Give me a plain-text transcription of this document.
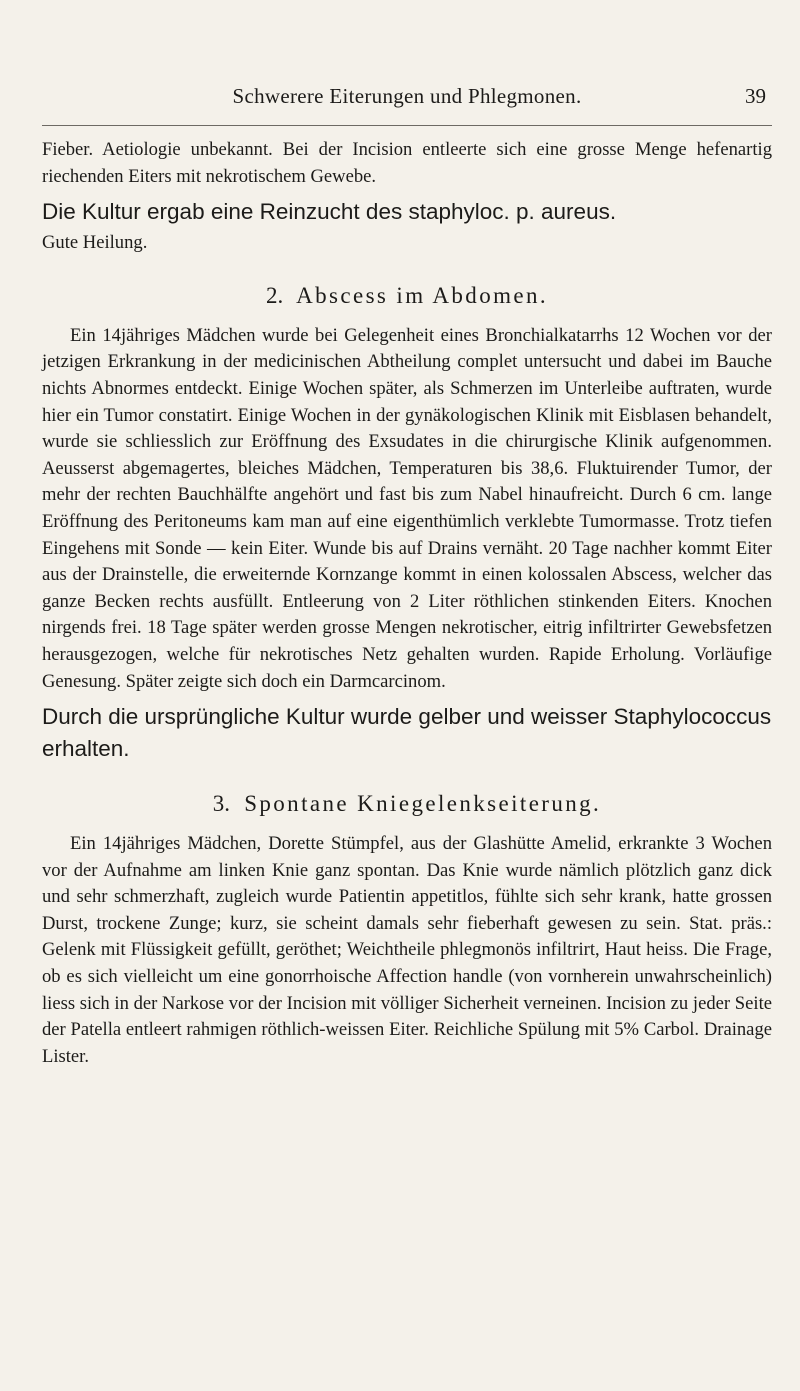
Schwerere Eiterungen und Phlegmonen.	39

Fieber. Aetiologie unbekannt. Bei der Incision entleerte sich eine grosse Menge hefenartig riechenden Eiters mit nekrotischem Gewebe.

Die Kultur ergab eine Reinzucht des staphyloc. p. aureus.

Gute Heilung.

2. Abscess im Abdomen.

Ein 14jähriges Mädchen wurde bei Gelegenheit eines Bronchialkatarrhs 12 Wochen vor der jetzigen Erkrankung in der medicinischen Abtheilung complet untersucht und dabei im Bauche nichts Abnormes entdeckt. Einige Wochen später, als Schmerzen im Unterleibe auftraten, wurde hier ein Tumor constatirt. Einige Wochen in der gynäkologischen Klinik mit Eisblasen behandelt, wurde sie schliesslich zur Eröffnung des Exsudates in die chirurgische Klinik aufgenommen. Aeusserst abgemagertes, bleiches Mädchen, Temperaturen bis 38,6. Fluktuirender Tumor, der mehr der rechten Bauchhälfte angehört und fast bis zum Nabel hinaufreicht. Durch 6 cm. lange Eröffnung des Peritoneums kam man auf eine eigenthümlich verklebte Tumormasse. Trotz tiefen Eingehens mit Sonde — kein Eiter. Wunde bis auf Drains vernäht. 20 Tage nachher kommt Eiter aus der Drainstelle, die erweiternde Kornzange kommt in einen kolossalen Abscess, welcher das ganze Becken rechts ausfüllt. Entleerung von 2 Liter röthlichen stinkenden Eiters. Knochen nirgends frei. 18 Tage später werden grosse Mengen nekrotischer, eitrig infiltrirter Gewebsfetzen herausgezogen, welche für nekrotisches Netz gehalten wurden. Rapide Erholung. Vorläufige Genesung. Später zeigte sich doch ein Darmcarcinom.

Durch die ursprüngliche Kultur wurde gelber und weisser Staphylococcus erhalten.

3. Spontane Kniegelenkseiterung.

Ein 14jähriges Mädchen, Dorette Stümpfel, aus der Glashütte Amelid, erkrankte 3 Wochen vor der Aufnahme am linken Knie ganz spontan. Das Knie wurde nämlich plötzlich ganz dick und sehr schmerzhaft, zugleich wurde Patientin appetitlos, fühlte sich sehr krank, hatte grossen Durst, trockene Zunge; kurz, sie scheint damals sehr fieberhaft gewesen zu sein. Stat. präs.: Gelenk mit Flüssigkeit gefüllt, geröthet; Weichtheile phlegmonös infiltrirt, Haut heiss. Die Frage, ob es sich vielleicht um eine gonorrhoische Affection handle (von vornherein unwahrscheinlich) liess sich in der Narkose vor der Incision mit völliger Sicherheit verneinen. Incision zu jeder Seite der Patella entleert rahmigen röthlich-weissen Eiter. Reichliche Spülung mit 5% Carbol. Drainage Lister.
